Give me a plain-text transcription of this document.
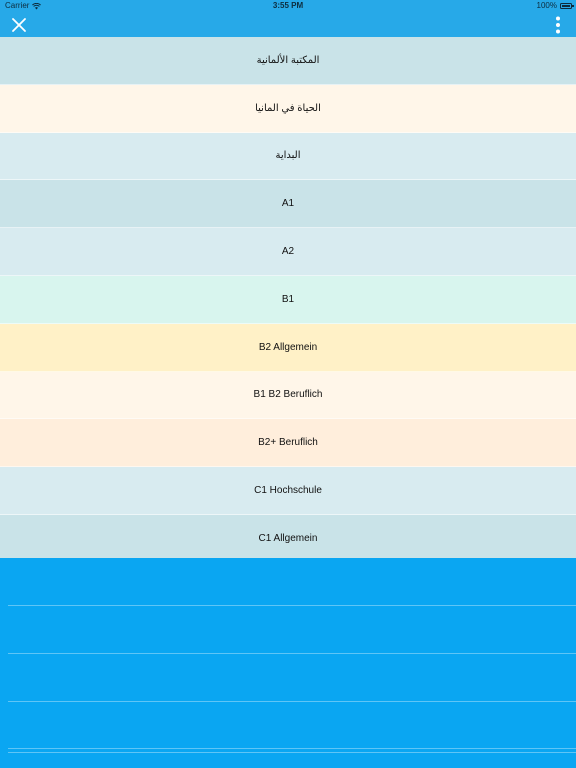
Carrier	3:55 PM	100%
المكتبة الألمانية
الحياة في المانيا
البداية
A1
A2
B1
B2 Allgemein
B1 B2 Beruflich
B2+ Beruflich
C1 Hochschule
C1 Allgemein
